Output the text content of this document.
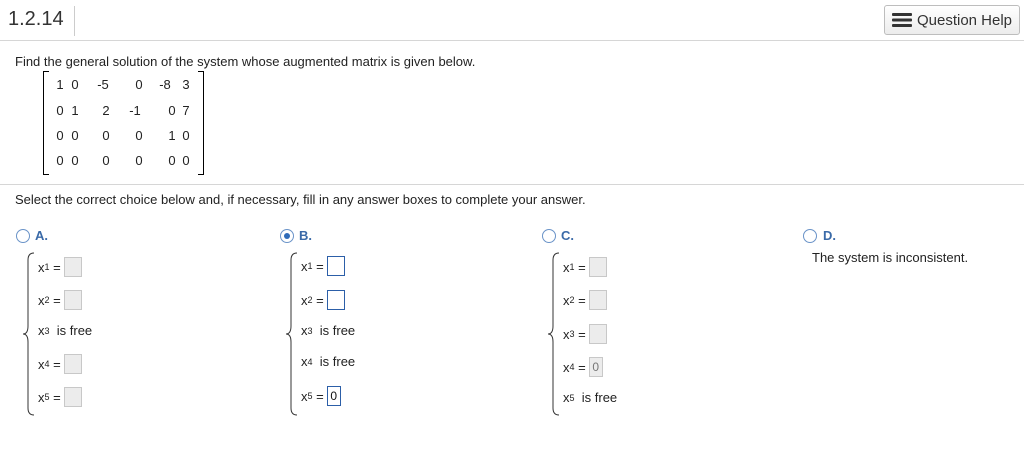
1.2.14	Question Help
Find the general solution of the system whose augmented matrix is given below.
1 0 -5 0 -8 3
0 1 2 -1 0 7
0 0 0 0 1 0
0 0 0 0 0 0
Select the correct choice below and, if necessary, fill in any answer boxes to complete your answer.
A.
x 1
=
x 2
=
x 3
is free
x 4
=
x 5
=
B.
x 1
=
x 2
=
x 3
is free
x 4
is free
x 5
= 0
C.
x 1
=
x 2
=
x 3
=
x 4
= 0
x 5
is free
D.
The system is inconsistent.
